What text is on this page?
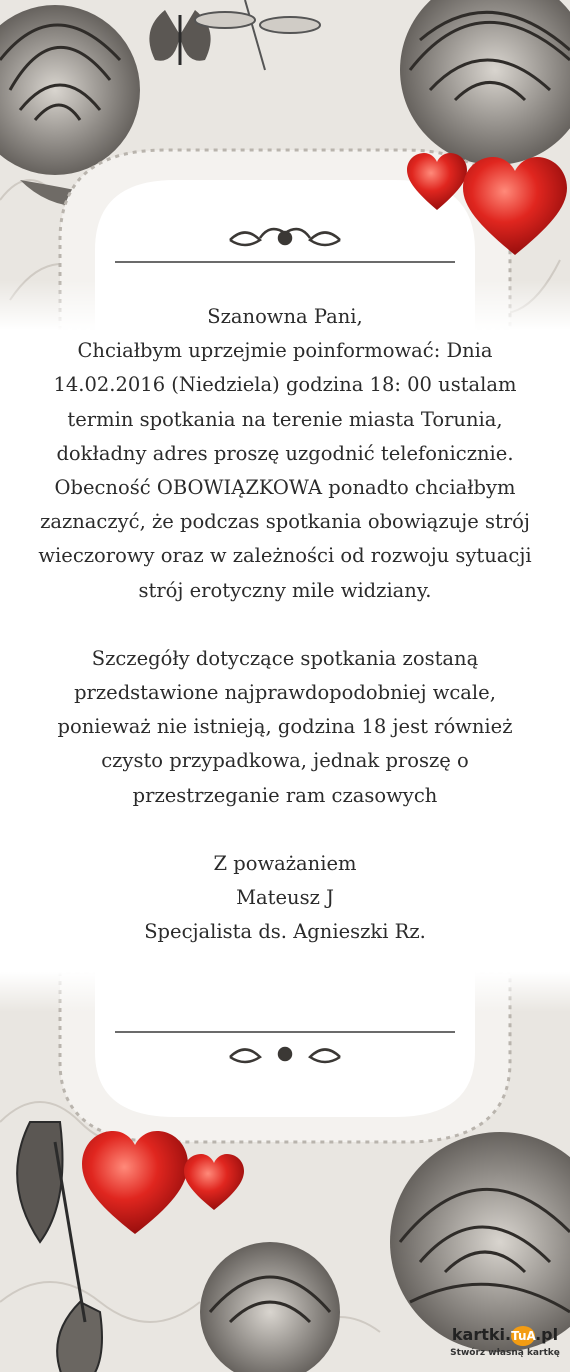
Szanowna Pani,

Chciałbym uprzejmie poinformować: Dnia

14.02.2016 (Niedziela) godzina 18: 00 ustalam

termin spotkania na terenie miasta Torunia,

dokładny adres proszę uzgodnić telefonicznie.

Obecność OBOWIĄZKOWA ponadto chciałbym

zaznaczyć, że podczas spotkania obowiązuje strój

wieczorowy oraz w zależności od rozwoju sytuacji

strój erotyczny mile widziany.

Szczegóły dotyczące spotkania zostaną

przedstawione najprawdopodobniej wcale,

ponieważ nie istnieją, godzina 18 jest również

czysto przypadkowa, jednak proszę o

przestrzeganie ram czasowych

Z poważaniem

Mateusz J

Specjalista ds. Agnieszki Rz.

kartki.TuA.pl
Stwórz własną kartkę
